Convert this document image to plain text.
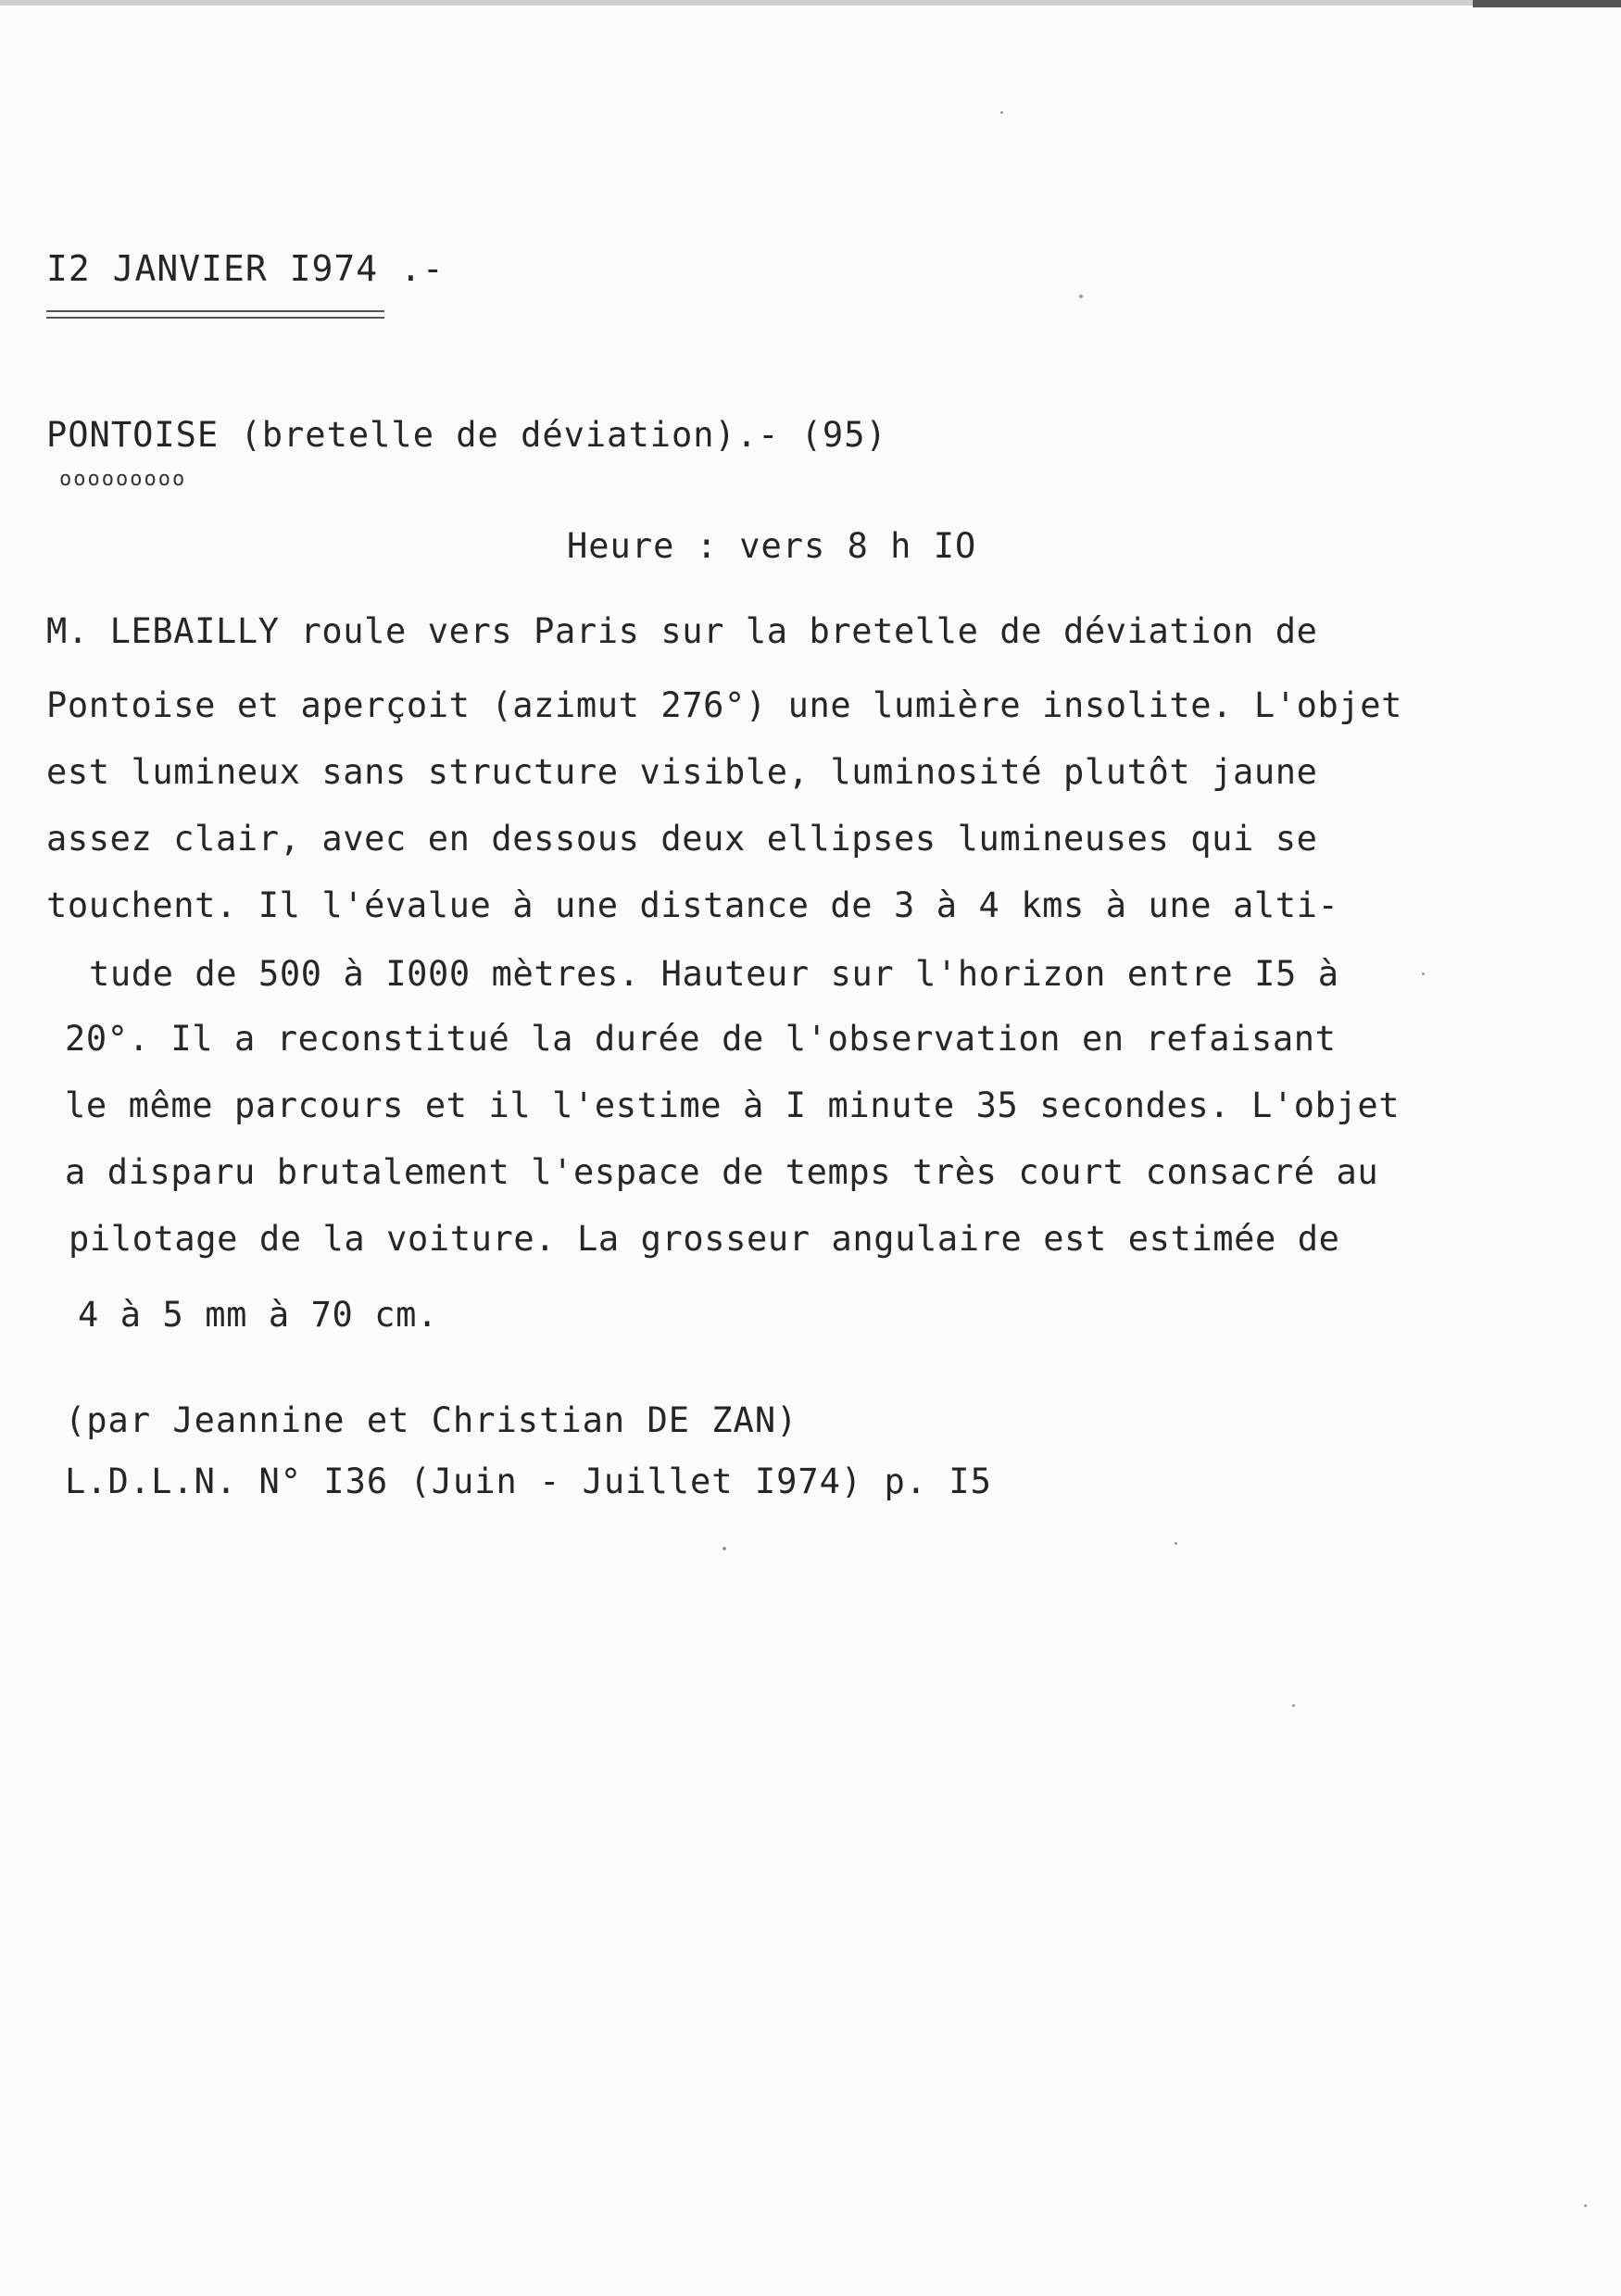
I2 JANVIER I974 .-
PONTOISE (bretelle de déviation).- (95)
ooooooooo
Heure : vers 8 h IO
M. LEBAILLY roule vers Paris sur la bretelle de déviation de
Pontoise et aperçoit (azimut 276°) une lumière insolite. L'objet
est lumineux sans structure visible, luminosité plutôt jaune
assez clair, avec en dessous deux ellipses lumineuses qui se
touchent. Il l'évalue à une distance de 3 à 4 kms à une alti-
tude de 500 à I000 mètres. Hauteur sur l'horizon entre I5 à
20°. Il a reconstitué la durée de l'observation en refaisant
le même parcours et il l'estime à I minute 35 secondes. L'objet
a disparu brutalement l'espace de temps très court consacré au
pilotage de la voiture. La grosseur angulaire est estimée de
4 à 5 mm à 70 cm.
(par Jeannine et Christian DE ZAN)
L.D.L.N. N° I36 (Juin - Juillet I974) p. I5
